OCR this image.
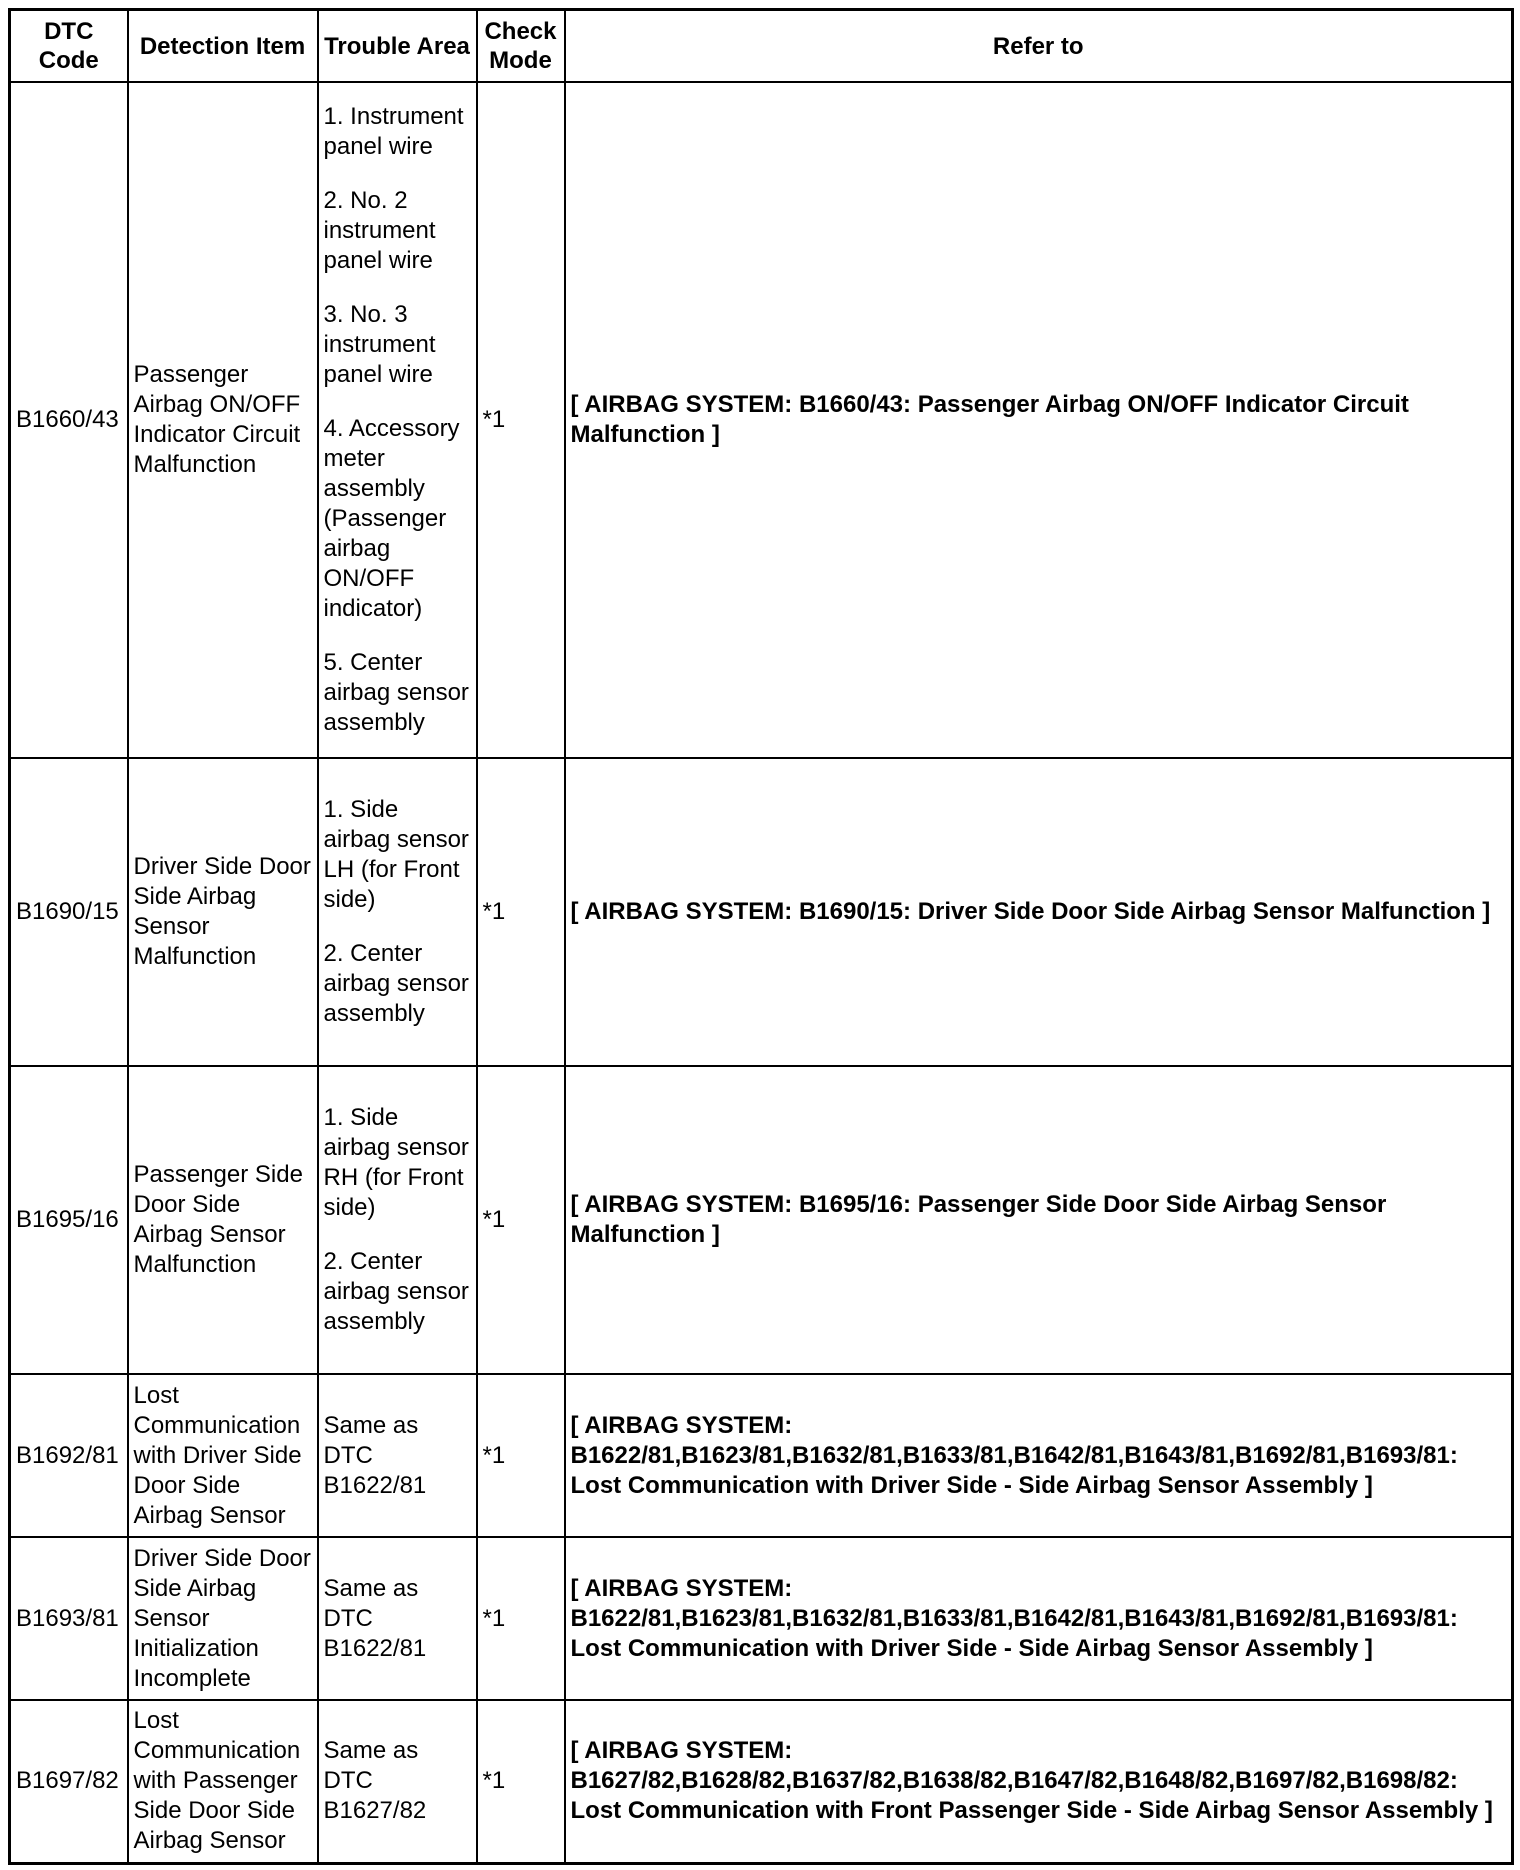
DTC Code	Detection Item	Trouble Area	Check Mode	Refer to
B1660/43	Passenger Airbag ON/OFF Indicator Circuit Malfunction	1. Instrument panel wire

2. No. 2 instrument panel wire

3. No. 3 instrument panel wire

4. Accessory meter assembly (Passenger airbag ON/OFF indicator)

5. Center airbag sensor assembly	*1	[ AIRBAG SYSTEM: B1660/43: Passenger Airbag ON/OFF Indicator Circuit Malfunction ]
B1690/15	Driver Side Door Side Airbag Sensor Malfunction	1. Side airbag sensor LH (for Front side)

2. Center airbag sensor assembly	*1	[ AIRBAG SYSTEM: B1690/15: Driver Side Door Side Airbag Sensor Malfunction ]
B1695/16	Passenger Side Door Side Airbag Sensor Malfunction	1. Side airbag sensor RH (for Front side)

2. Center airbag sensor assembly	*1	[ AIRBAG SYSTEM: B1695/16: Passenger Side Door Side Airbag Sensor Malfunction ]
B1692/81	Lost Communication with Driver Side Door Side Airbag Sensor	Same as DTC B1622/81	*1	[ AIRBAG SYSTEM: B1622/81,B1623/81,B1632/81,B1633/81,B1642/81,B1643/81,B1692/81,B1693/81: Lost Communication with Driver Side - Side Airbag Sensor Assembly ]
B1693/81	Driver Side Door Side Airbag Sensor Initialization Incomplete	Same as DTC B1622/81	*1	[ AIRBAG SYSTEM: B1622/81,B1623/81,B1632/81,B1633/81,B1642/81,B1643/81,B1692/81,B1693/81: Lost Communication with Driver Side - Side Airbag Sensor Assembly ]
B1697/82	Lost Communication with Passenger Side Door Side Airbag Sensor	Same as DTC B1627/82	*1	[ AIRBAG SYSTEM: B1627/82,B1628/82,B1637/82,B1638/82,B1647/82,B1648/82,B1697/82,B1698/82: Lost Communication with Front Passenger Side - Side Airbag Sensor Assembly ]
